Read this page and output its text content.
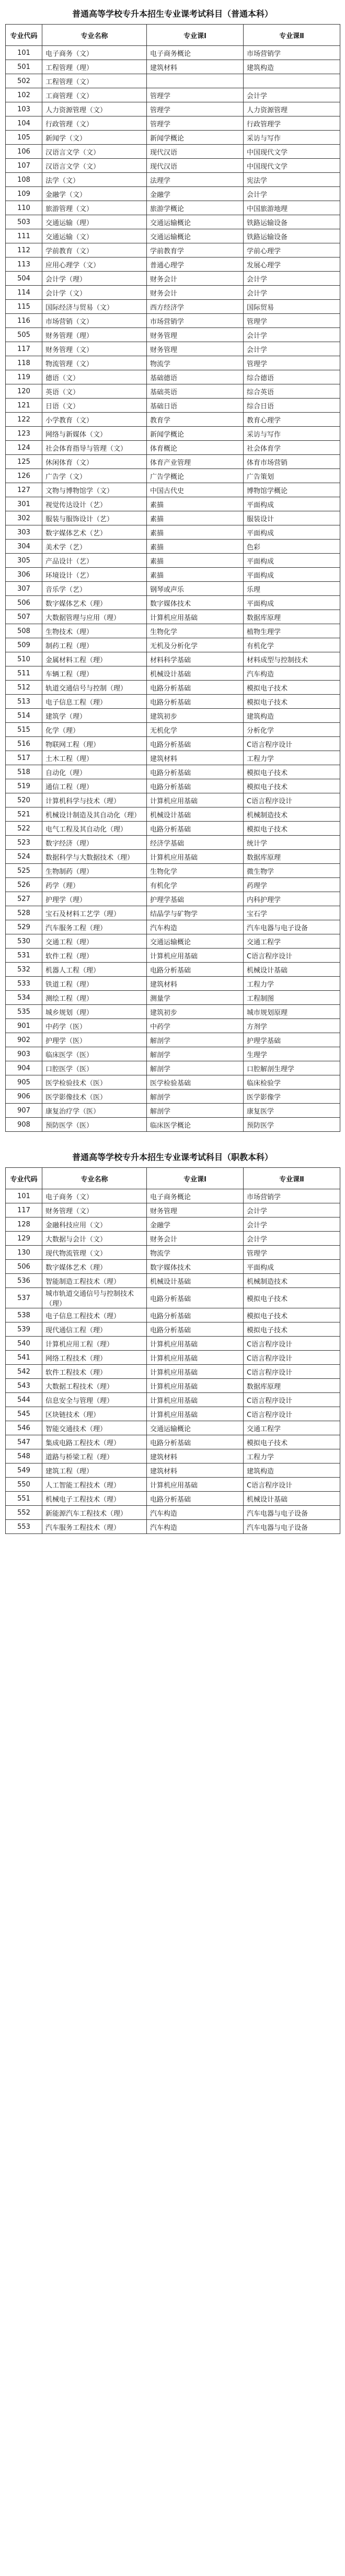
普通高等学校专升本招生专业课考试科目（普通本科）
专业代码	专业名称	专业课Ⅰ	专业课Ⅱ
101	电子商务（文）	电子商务概论	市场营销学
501	工程管理（理）	建筑材料	建筑构造
502	工程管理（文）		
102	工商管理（文）	管理学	会计学
103	人力资源管理（文）	管理学	人力资源管理
104	行政管理（文）	管理学	行政管理学
105	新闻学（文）	新闻学概论	采访与写作
106	汉语言文学（文）	现代汉语	中国现代文学
107	汉语言文学（文）	现代汉语	中国现代文学
108	法学（文）	法理学	宪法学
109	金融学（文）	金融学	会计学
110	旅游管理（文）	旅游学概论	中国旅游地理
503	交通运输（理）	交通运输概论	铁路运输设备
111	交通运输（文）	交通运输概论	铁路运输设备
112	学前教育（文）	学前教育学	学前心理学
113	应用心理学（文）	普通心理学	发展心理学
504	会计学（理）	财务会计	会计学
114	会计学（文）	财务会计	会计学
115	国际经济与贸易（文）	西方经济学	国际贸易
116	市场营销（文）	市场营销学	管理学
505	财务管理（理）	财务管理	会计学
117	财务管理（文）	财务管理	会计学
118	物流管理（文）	物流学	管理学
119	德语（文）	基础德语	综合德语
120	英语（文）	基础英语	综合英语
121	日语（文）	基础日语	综合日语
122	小学教育（文）	教育学	教育心理学
123	网络与新媒体（文）	新闻学概论	采访与写作
124	社会体育指导与管理（文）	体育概论	社会体育学
125	休闲体育（文）	体育产业管理	体育市场营销
126	广告学（文）	广告学概论	广告策划
127	文物与博物馆学（文）	中国古代史	博物馆学概论
301	视觉传达设计（艺）	素描	平面构成
302	服装与服饰设计（艺）	素描	服装设计
303	数字媒体艺术（艺）	素描	平面构成
304	美术学（艺）	素描	色彩
305	产品设计（艺）	素描	平面构成
306	环境设计（艺）	素描	平面构成
307	音乐学（艺）	钢琴或声乐	乐理
506	数字媒体艺术（理）	数字媒体技术	平面构成
507	大数据管理与应用（理）	计算机应用基础	数据库原理
508	生物技术（理）	生物化学	植物生理学
509	制药工程（理）	无机及分析化学	有机化学
510	金属材料工程（理）	材料科学基础	材料成型与控制技术
511	车辆工程（理）	机械设计基础	汽车构造
512	轨道交通信号与控制（理）	电路分析基础	模拟电子技术
513	电子信息工程（理）	电路分析基础	模拟电子技术
514	建筑学（理）	建筑初步	建筑构造
515	化学（理）	无机化学	分析化学
516	物联网工程（理）	电路分析基础	C语言程序设计
517	土木工程（理）	建筑材料	工程力学
518	自动化（理）	电路分析基础	模拟电子技术
519	通信工程（理）	电路分析基础	模拟电子技术
520	计算机科学与技术（理）	计算机应用基础	C语言程序设计
521	机械设计制造及其自动化（理）	机械设计基础	机械制造技术
522	电气工程及其自动化（理）	电路分析基础	模拟电子技术
523	数字经济（理）	经济学基础	统计学
524	数据科学与大数据技术（理）	计算机应用基础	数据库原理
525	生物制药（理）	生物化学	微生物学
526	药学（理）	有机化学	药理学
527	护理学（理）	护理学基础	内科护理学
528	宝石及材料工艺学（理）	结晶学与矿物学	宝石学
529	汽车服务工程（理）	汽车构造	汽车电器与电子设备
530	交通工程（理）	交通运输概论	交通工程学
531	软件工程（理）	计算机应用基础	C语言程序设计
532	机器人工程（理）	电路分析基础	机械设计基础
533	铁道工程（理）	建筑材料	工程力学
534	测绘工程（理）	测量学	工程制图
535	城乡规划（理）	建筑初步	城市规划原理
901	中药学（医）	中药学	方剂学
902	护理学（医）	解剖学	护理学基础
903	临床医学（医）	解剖学	生理学
904	口腔医学（医）	解剖学	口腔解剖生理学
905	医学检验技术（医）	医学检验基础	临床检验学
906	医学影像技术（医）	解剖学	医学影像学
907	康复治疗学（医）	解剖学	康复医学
908	预防医学（医）	临床医学概论	预防医学
普通高等学校专升本招生专业课考试科目（职教本科）
专业代码	专业名称	专业课Ⅰ	专业课Ⅱ
101	电子商务（文）	电子商务概论	市场营销学
117	财务管理（文）	财务管理	会计学
128	金融科技应用（文）	金融学	会计学
129	大数据与会计（文）	财务会计	会计学
130	现代物流管理（文）	物流学	管理学
506	数字媒体艺术（理）	数字媒体技术	平面构成
536	智能制造工程技术（理）	机械设计基础	机械制造技术
537	城市轨道交通信号与控制技术（理）	电路分析基础	模拟电子技术
538	电子信息工程技术（理）	电路分析基础	模拟电子技术
539	现代通信工程（理）	电路分析基础	模拟电子技术
540	计算机应用工程（理）	计算机应用基础	C语言程序设计
541	网络工程技术（理）	计算机应用基础	C语言程序设计
542	软件工程技术（理）	计算机应用基础	C语言程序设计
543	大数据工程技术（理）	计算机应用基础	数据库原理
544	信息安全与管理（理）	计算机应用基础	C语言程序设计
545	区块链技术（理）	计算机应用基础	C语言程序设计
546	智能交通技术（理）	交通运输概论	交通工程学
547	集成电路工程技术（理）	电路分析基础	模拟电子技术
548	道路与桥梁工程（理）	建筑材料	工程力学
549	建筑工程（理）	建筑材料	建筑构造
550	人工智能工程技术（理）	计算机应用基础	C语言程序设计
551	机械电子工程技术（理）	电路分析基础	机械设计基础
552	新能源汽车工程技术（理）	汽车构造	汽车电器与电子设备
553	汽车服务工程技术（理）	汽车构造	汽车电器与电子设备
